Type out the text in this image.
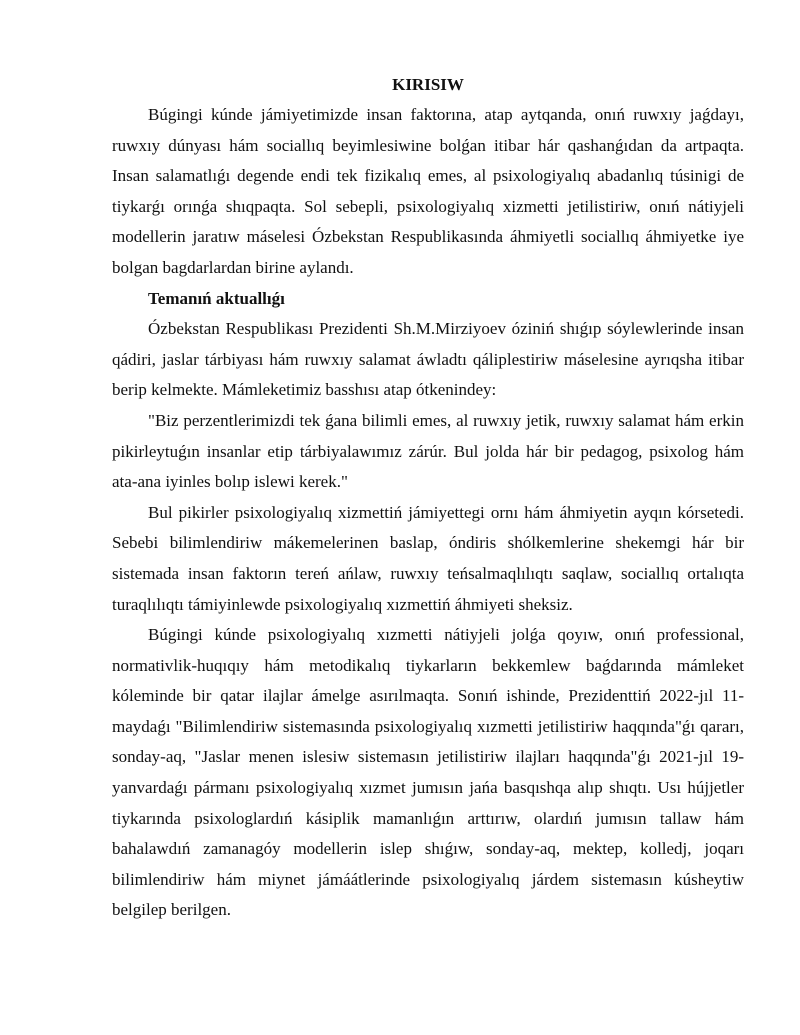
KIRISIW

Búgingi kúnde jámiyetimizde insan faktorına, atap aytqanda, onıń ruwxıy jaǵdayı, ruwxıy dúnyası hám sociallıq beyimlesiwine bolǵan itibar hár qashanǵıdan da artpaqta. Insan salamatlıǵı degende endi tek fizikalıq emes, al psixologiyalıq abadanlıq túsinigi de tiykarǵı orınǵa shıqpaqta. Sol sebepli, psixologiyalıq xizmetti jetilistiriw, onıń nátiyjeli modellerin jaratıw máselesi Ózbekstan Respublikasında áhmiyetli sociallıq áhmiyetke iye bolgan bagdarlardan birine aylandı.

Temanıń aktuallıǵı

Ózbekstan Respublikası Prezidenti Sh.M.Mirziyoev óziniń shıǵıp sóylewlerinde insan qádiri, jaslar tárbiyası hám ruwxıy salamat áwladtı qáliplestiriw máselesine ayrıqsha itibar berip kelmekte. Mámleketimiz basshısı atap ótkenindey:

"Biz perzentlerimizdi tek ǵana bilimli emes, al ruwxıy jetik, ruwxıy salamat hám erkin pikirleytuǵın insanlar etip tárbiyalawımız zárúr. Bul jolda hár bir pedagog, psixolog hám ata-ana iyinles bolıp islewi kerek."

Bul pikirler psixologiyalıq xizmettiń jámiyettegi ornı hám áhmiyetin ayqın kórsetedi. Sebebi bilimlendiriw mákemelerinen baslap, óndiris shólkemlerine shekemgi hár bir sistemada insan faktorın tereń ańlaw, ruwxıy teńsalmaqlılıqtı saqlaw, sociallıq ortalıqta turaqlılıqtı támiyinlewde psixologiyalıq xızmettiń áhmiyeti sheksiz.

Búgingi kúnde psixologiyalıq xızmetti nátiyjeli jolǵa qoyıw, onıń professional, normativlik-huqıqıy hám metodikalıq tiykarların bekkemlew baǵdarında mámleket kóleminde bir qatar ilajlar ámelge asırılmaqta. Sonıń ishinde, Prezidenttiń 2022-jıl 11-maydaǵı "Bilimlendiriw sistemasında psixologiyalıq xızmetti jetilistiriw haqqında"ǵı qararı, sonday-aq, "Jaslar menen islesiw sistemasın jetilistiriw ilajları haqqında"ǵı 2021-jıl 19-yanvardaǵı pármanı psixologiyalıq xızmet jumısın jańa basqıshqa alıp shıqtı. Usı hújjetler tiykarında psixologlardıń kásiplik mamanlıǵın arttırıw, olardıń jumısın tallaw hám bahalawdıń zamanagóy modellerin islep shıǵıw, sonday-aq, mektep, kolledj, joqarı bilimlendiriw hám miynet jámáátlerinde psixologiyalıq járdem sistemasın kúsheytiw belgilep berilgen.
